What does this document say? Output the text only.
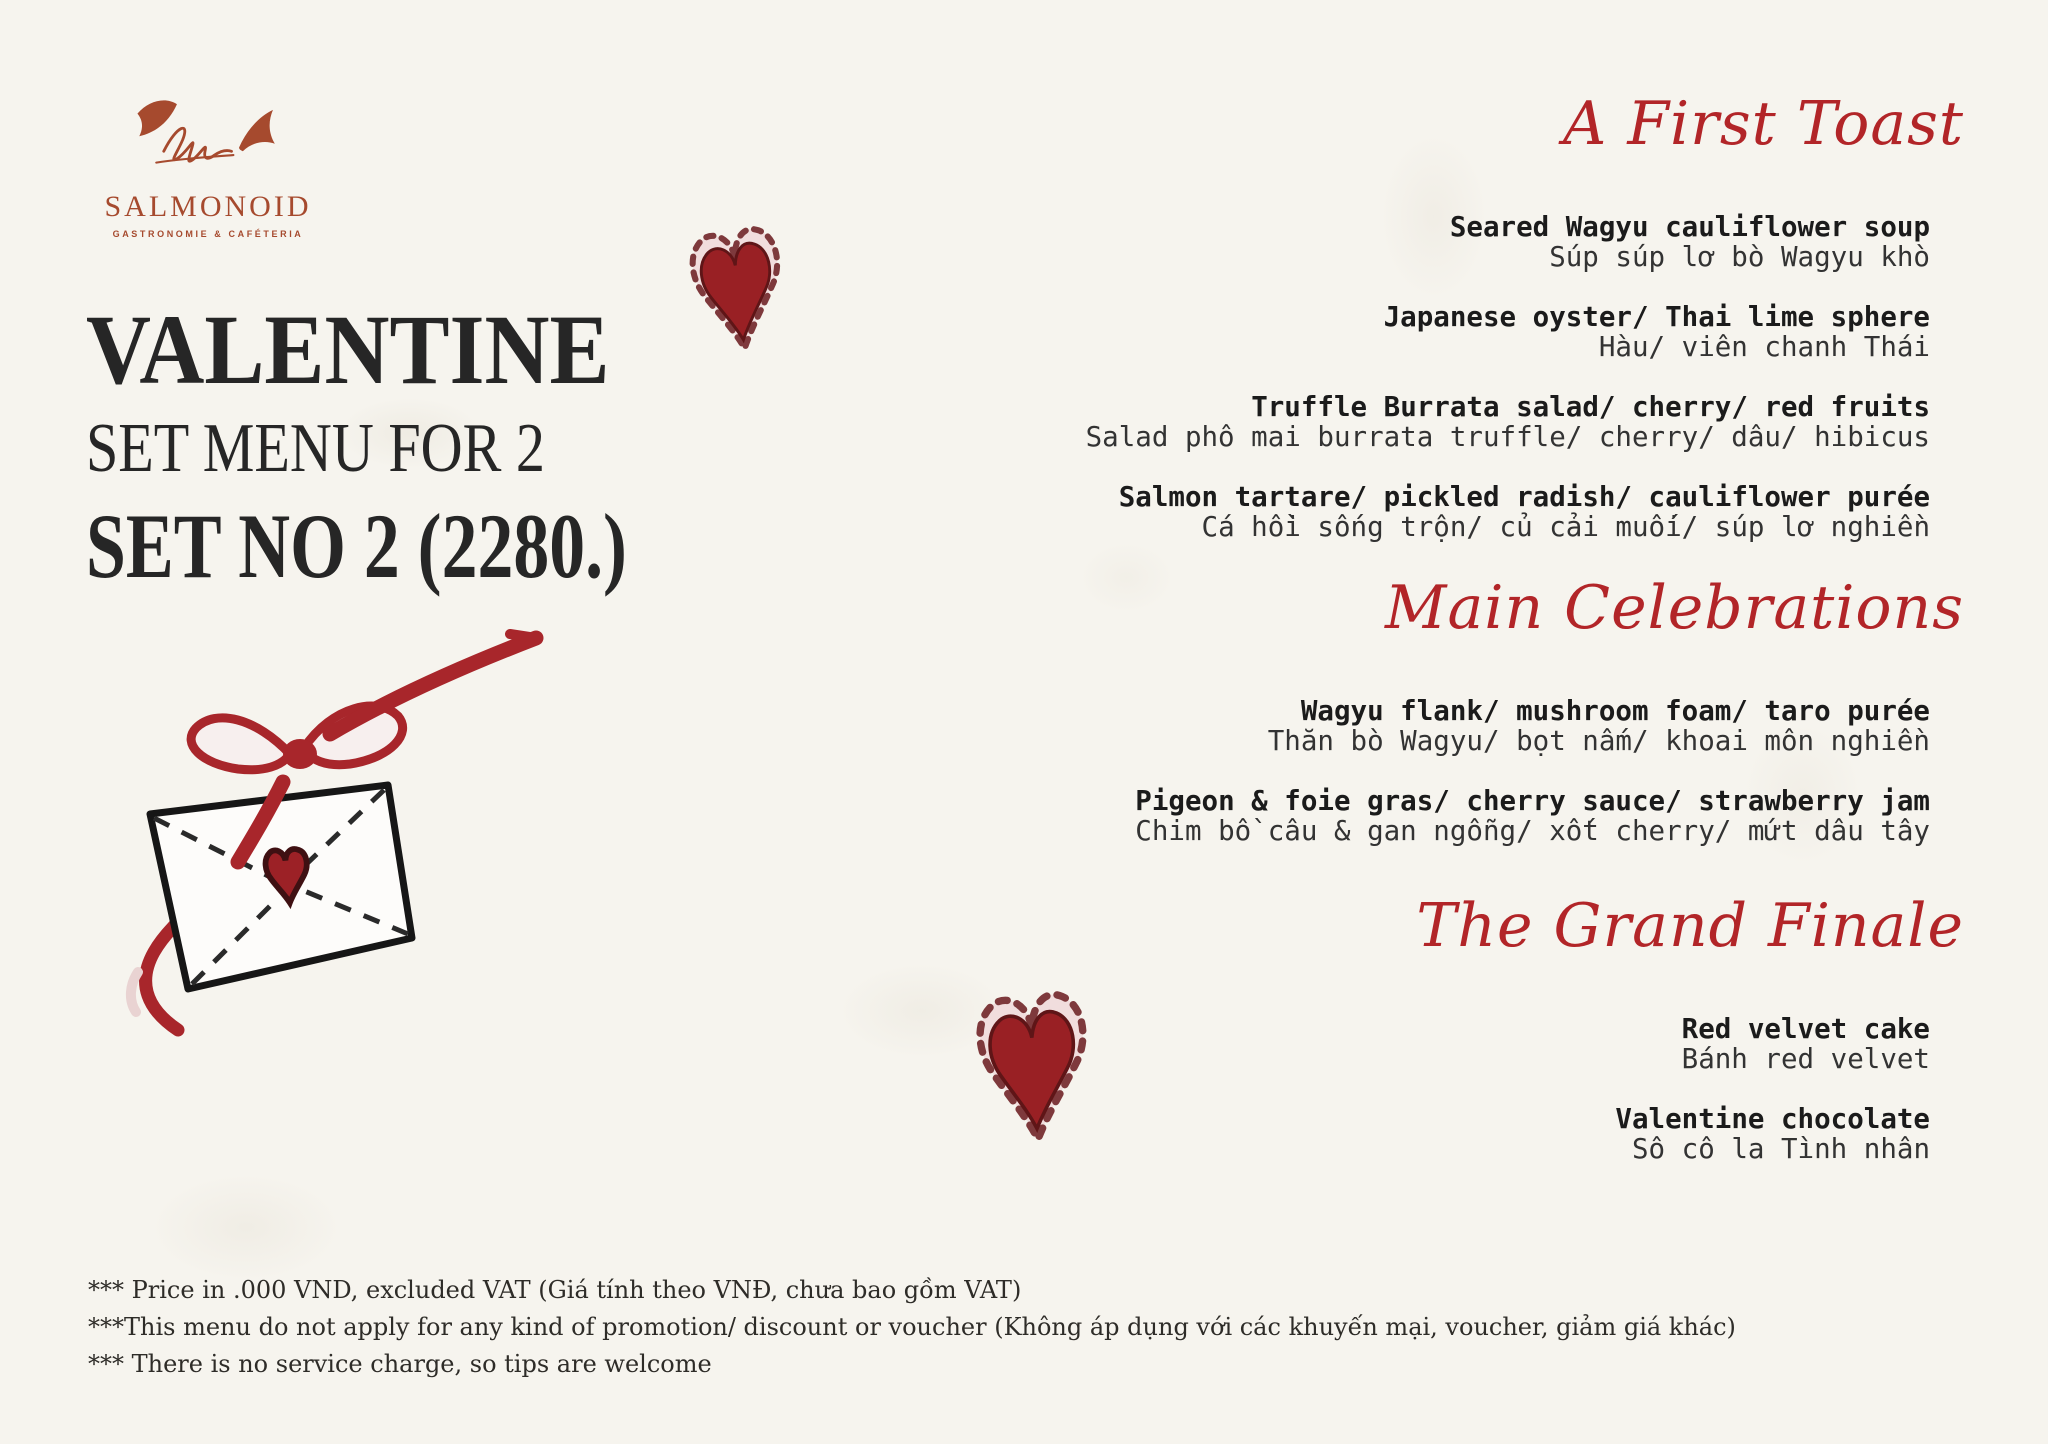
SALMONOID
GASTRONOMIE & CAFÉTERIA
VALENTINE
SET MENU FOR 2
SET NO 2 (2280.)
A First Toast
Seared Wagyu cauliflower soup
Súp súp lơ bò Wagyu khò
Japanese oyster/ Thai lime sphere
Hàu/ viên chanh Thái
Truffle Burrata salad/ cherry/ red fruits
Salad phô mai burrata truffle/ cherry/ dâu/ hibicus
Salmon tartare/ pickled radish/ cauliflower purée
Cá hồi sống trộn/ củ cải muối/ súp lơ nghiền
Main Celebrations
Wagyu flank/ mushroom foam/ taro purée
Thăn bò Wagyu/ bọt nấm/ khoai môn nghiền
Pigeon & foie gras/ cherry sauce/ strawberry jam
Chim bồ câu & gan ngỗng/ xốt cherry/ mứt dâu tây
The Grand Finale
Red velvet cake
Bánh red velvet
Valentine chocolate
Sô cô la Tình nhân
*** Price in .000 VND, excluded VAT (Giá tính theo VNĐ, chưa bao gồm VAT)
***This menu do not apply for any kind of promotion/ discount or voucher (Không áp dụng với các khuyến mại, voucher, giảm giá khác)
*** There is no service charge, so tips are welcome
